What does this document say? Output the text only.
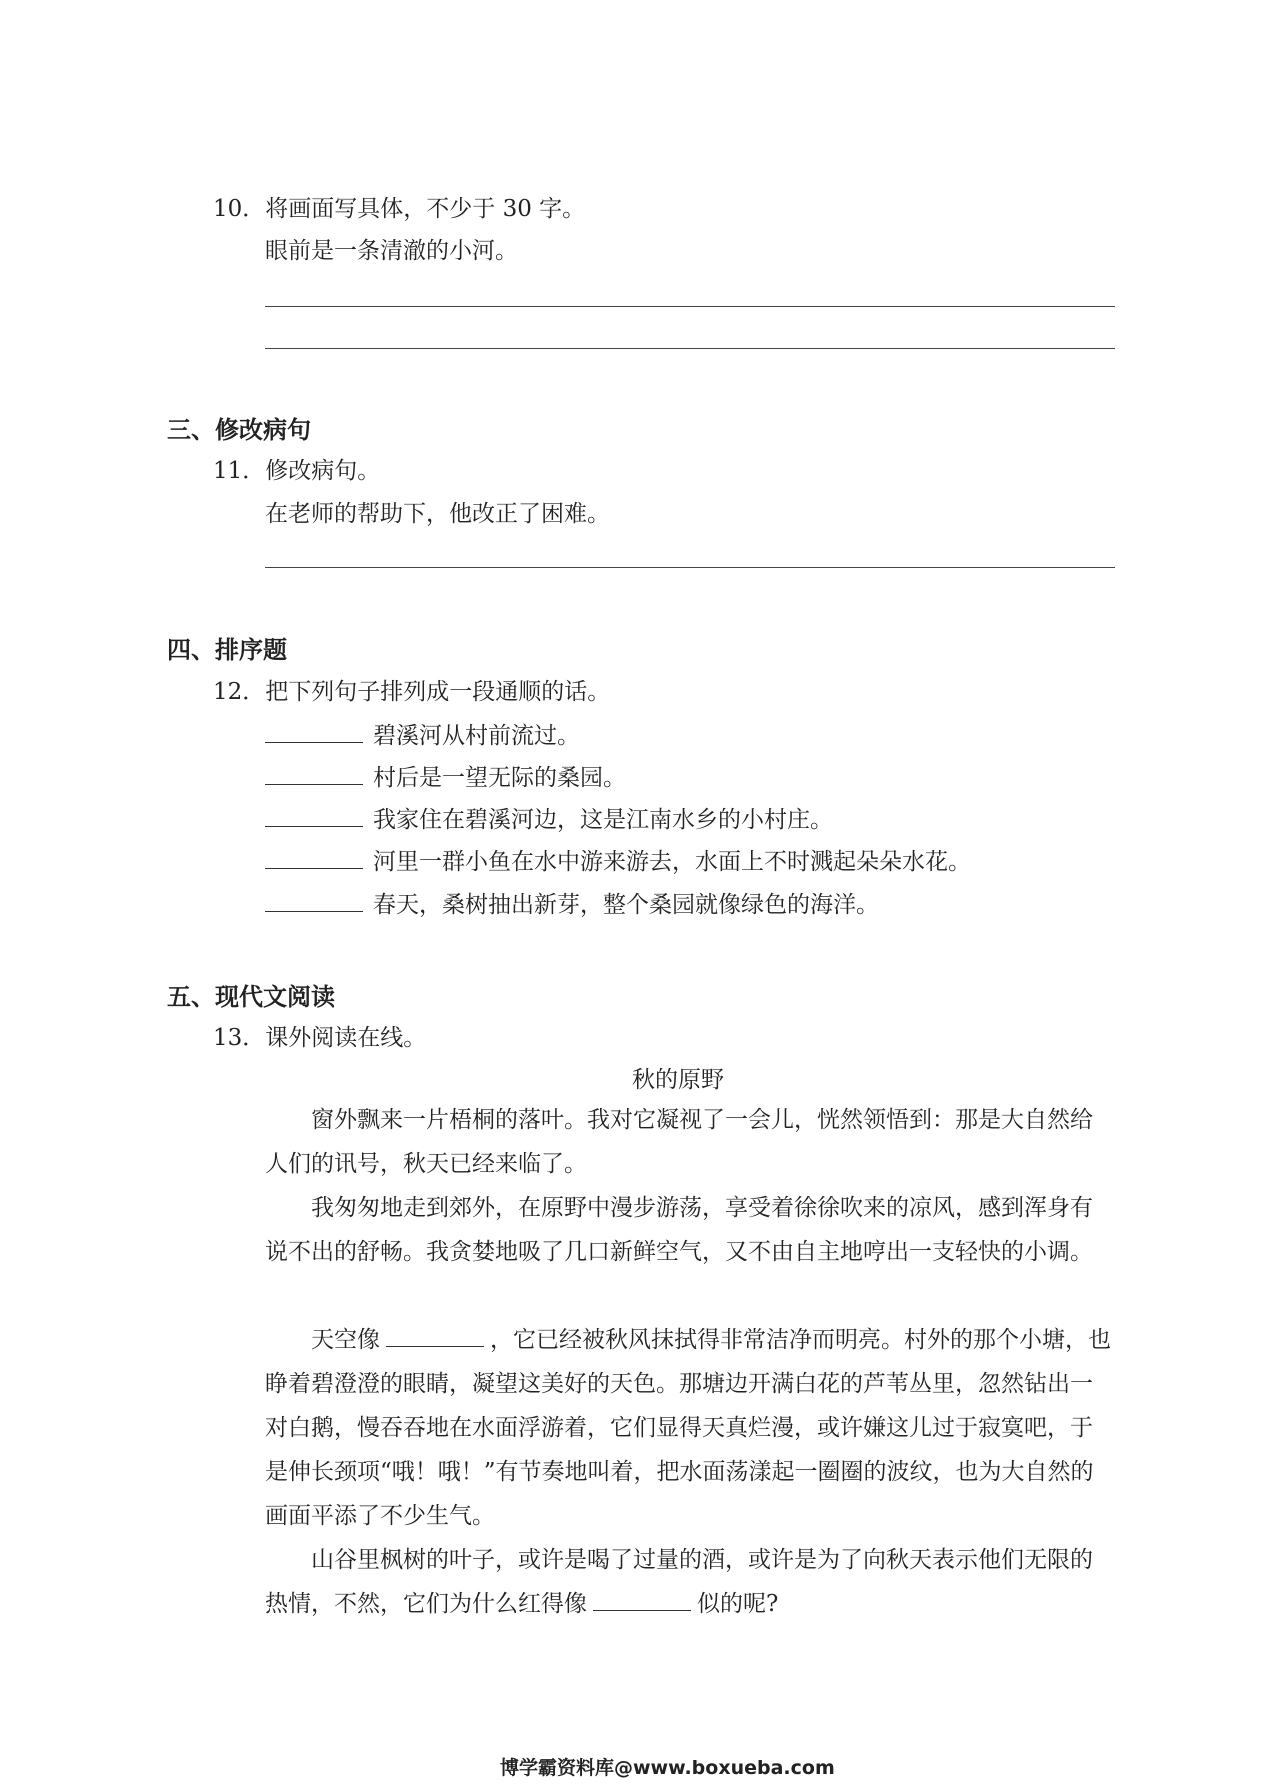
10．将画面写具体，不少于 30 字。
眼前是一条清澈的小河。
三、修改病句
11．修改病句。
在老师的帮助下，他改正了困难。
四、排序题
12．把下列句子排列成一段通顺的话。
碧溪河从村前流过。
村后是一望无际的桑园。
我家住在碧溪河边，这是江南水乡的小村庄。
河里一群小鱼在水中游来游去，水面上不时溅起朵朵水花。
春天，桑树抽出新芽，整个桑园就像绿色的海洋。
五、现代文阅读
13．课外阅读在线。
秋的原野
窗外飘来一片梧桐的落叶。我对它凝视了一会儿，恍然领悟到：那是大自然给人们的讯号，秋天已经来临了。
我匆匆地走到郊外，在原野中漫步游荡，享受着徐徐吹来的凉风，感到浑身有说不出的舒畅。我贪婪地吸了几口新鲜空气，又不由自主地哼出一支轻快的小调。
天空像	，它已经被秋风抹拭得非常洁净而明亮。村外的那个小塘，也睁着碧澄澄的眼睛，凝望这美好的天色。那塘边开满白花的芦苇丛里，忽然钻出一对白鹅，慢吞吞地在水面浮游着，它们显得天真烂漫，或许嫌这儿过于寂寞吧，于是伸长颈项“哦！哦！”有节奏地叫着，把水面荡漾起一圈圈的波纹，也为大自然的画面平添了不少生气。
山谷里枫树的叶子，或许是喝了过量的酒，或许是为了向秋天表示他们无限的热情，不然，它们为什么红得像	似的呢?
博学霸资料库@www.boxueba.com
